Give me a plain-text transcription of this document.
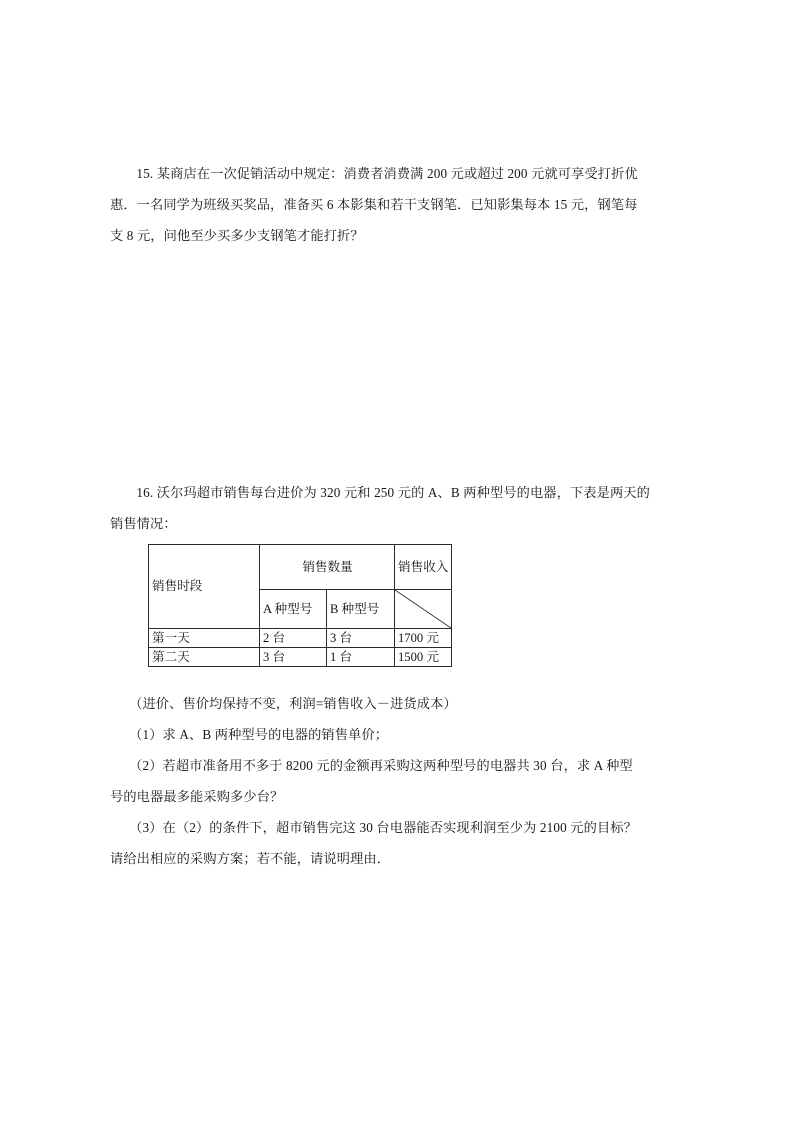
15. 某商店在一次促销活动中规定：消费者消费满 200 元或超过 200 元就可享受打折优

惠．一名同学为班级买奖品，准备买 6 本影集和若干支钢笔．已知影集每本 15 元，钢笔每

支 8 元，问他至少买多少支钢笔才能打折？

16. 沃尔玛超市销售每台进价为 320 元和 250 元的 A、B 两种型号的电器，下表是两天的

销售情况：

销售时段	销售数量		销售收入
	A 种型号	B 种型号	

第一天	2 台	3 台	1700 元
第二天	3 台	1 台	1500 元

（进价、售价均保持不变，利润=销售收入－进货成本）

（1）求 A、B 两种型号的电器的销售单价；

（2）若超市准备用不多于 8200 元的金额再采购这两种型号的电器共 30 台，求 A 种型

号的电器最多能采购多少台？

（3）在（2）的条件下，超市销售完这 30 台电器能否实现利润至少为 2100 元的目标？

请给出相应的采购方案；若不能，请说明理由．
